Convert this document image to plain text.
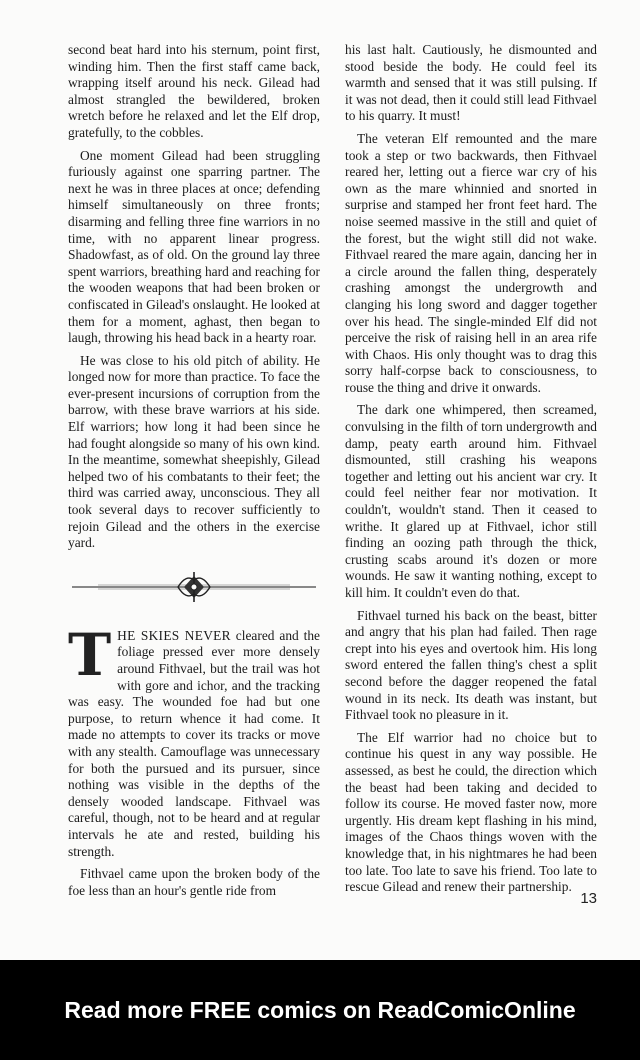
second beat hard into his sternum, point first, winding him. Then the first staff came back, wrapping itself around his neck. Gilead had almost strangled the bewildered, broken wretch before he relaxed and let the Elf drop, gratefully, to the cobbles.

One moment Gilead had been struggling furiously against one sparring partner. The next he was in three places at once; defending himself simultaneously on three fronts; disarming and felling three fine warriors in no time, with no apparent linear progress. Shadowfast, as of old. On the ground lay three spent warriors, breathing hard and reaching for the wooden weapons that had been broken or confiscated in Gilead's onslaught. He looked at them for a moment, aghast, then began to laugh, throwing his head back in a hearty roar.

He was close to his old pitch of ability. He longed now for more than practice. To face the ever-present incursions of corruption from the barrow, with these brave warriors at his side. Elf warriors; how long it had been since he had fought alongside so many of his own kind. In the meantime, somewhat sheepishly, Gilead helped two of his combatants to their feet; the third was carried away, unconscious. They all took several days to recover sufficiently to rejoin Gilead and the others in the exercise yard.

THE SKIES NEVER cleared and the foliage pressed ever more densely around Fithvael, but the trail was hot with gore and ichor, and the tracking was easy. The wounded foe had but one purpose, to return whence it had come. It made no attempts to cover its tracks or move with any stealth. Camouflage was unnecessary for both the pursued and its pursuer, since nothing was visible in the depths of the densely wooded landscape. Fithvael was careful, though, not to be heard and at regular intervals he ate and rested, building his strength.

Fithvael came upon the broken body of the foe less than an hour's gentle ride from

his last halt. Cautiously, he dismounted and stood beside the body. He could feel its warmth and sensed that it was still pulsing. If it was not dead, then it could still lead Fithvael to his quarry. It must!

The veteran Elf remounted and the mare took a step or two backwards, then Fithvael reared her, letting out a fierce war cry of his own as the mare whinnied and snorted in surprise and stamped her front feet hard. The noise seemed massive in the still and quiet of the forest, but the wight still did not wake. Fithvael reared the mare again, dancing her in a circle around the fallen thing, desperately crashing amongst the undergrowth and clanging his long sword and dagger together over his head. The single-minded Elf did not perceive the risk of raising hell in an area rife with Chaos. His only thought was to drag this sorry half-corpse back to consciousness, to rouse the thing and drive it onwards.

The dark one whimpered, then screamed, convulsing in the filth of torn undergrowth and damp, peaty earth around him. Fithvael dismounted, still crashing his weapons together and letting out his ancient war cry. It could feel neither fear nor motivation. It couldn't, wouldn't stand. Then it ceased to writhe. It glared up at Fithvael, ichor still finding an oozing path through the thick, crusting scabs around it's dozen or more wounds. He saw it wanting nothing, except to kill him. It couldn't even do that.

Fithvael turned his back on the beast, bitter and angry that his plan had failed. Then rage crept into his eyes and overtook him. His long sword entered the fallen thing's chest a split second before the dagger reopened the fatal wound in its neck. Its death was instant, but Fithvael took no pleasure in it.

The Elf warrior had no choice but to continue his quest in any way possible. He assessed, as best he could, the direction which the beast had been taking and decided to follow its course. He moved faster now, more urgently. His dream kept flashing in his mind, images of the Chaos things woven with the knowledge that, in his nightmares he had been too late. Too late to save his friend. Too late to rescue Gilead and renew their partnership.

13
Read more FREE comics on ReadComicOnline
